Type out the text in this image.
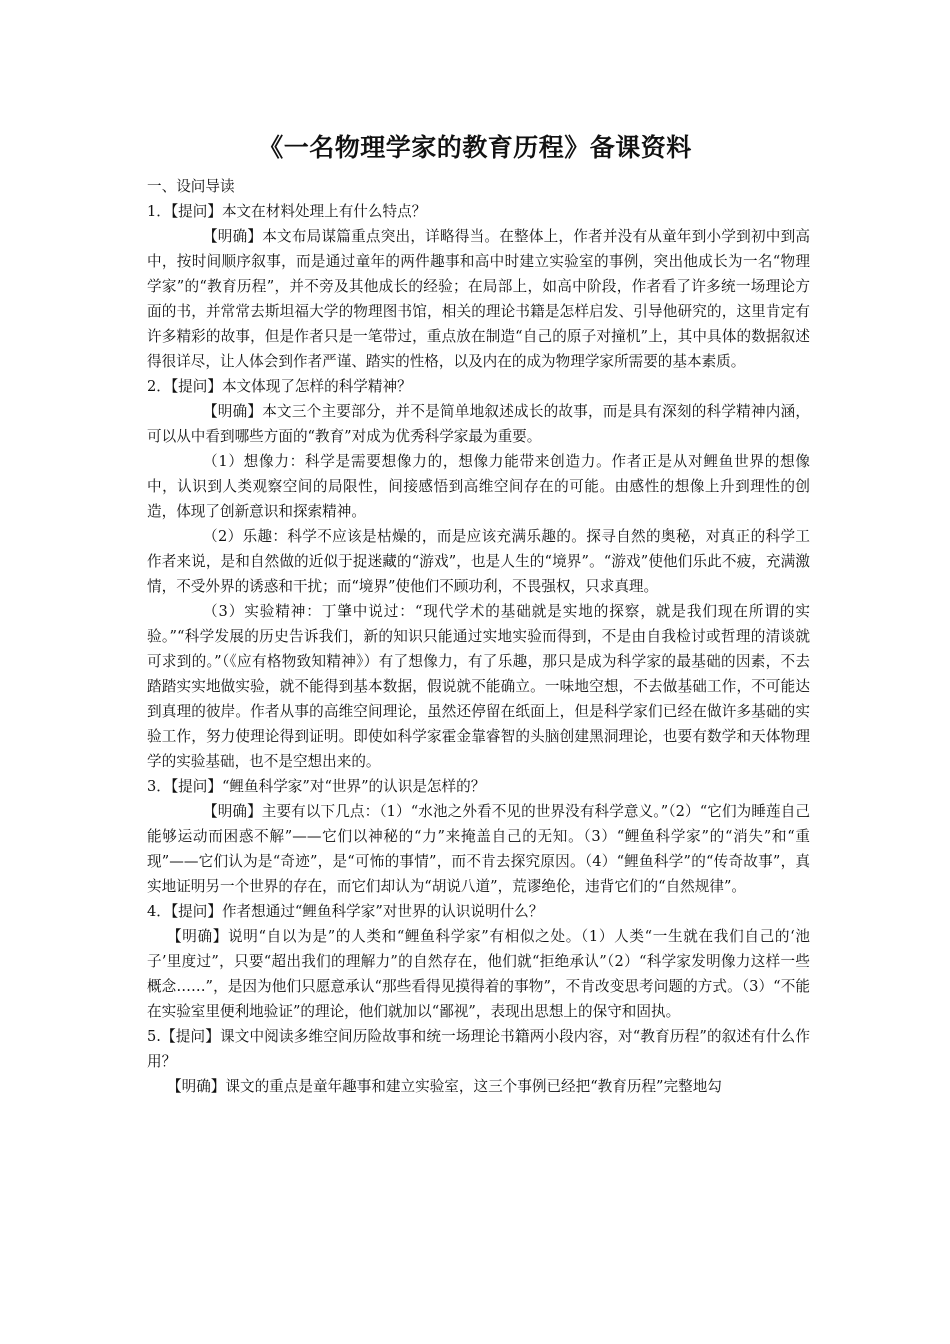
《一名物理学家的教育历程》备课资料

一、设问导读

1．【提问】本文在材料处理上有什么特点？

【明确】本文布局谋篇重点突出，详略得当。在整体上，作者并没有从童年到小学到初中到高中，按时间顺序叙事，而是通过童年的两件趣事和高中时建立实验室的事例，突出他成长为一名“物理学家”的“教育历程”，并不旁及其他成长的经验；在局部上，如高中阶段，作者看了许多统一场理论方面的书，并常常去斯坦福大学的物理图书馆，相关的理论书籍是怎样启发、引导他研究的，这里肯定有许多精彩的故事，但是作者只是一笔带过，重点放在制造“自己的原子对撞机”上，其中具体的数据叙述得很详尽，让人体会到作者严谨、踏实的性格，以及内在的成为物理学家所需要的基本素质。

2．【提问】本文体现了怎样的科学精神？

【明确】本文三个主要部分，并不是简单地叙述成长的故事，而是具有深刻的科学精神内涵，可以从中看到哪些方面的“教育”对成为优秀科学家最为重要。

（1）想像力：科学是需要想像力的，想像力能带来创造力。作者正是从对鲤鱼世界的想像中，认识到人类观察空间的局限性，间接感悟到高维空间存在的可能。由感性的想像上升到理性的创造，体现了创新意识和探索精神。

（2）乐趣：科学不应该是枯燥的，而是应该充满乐趣的。探寻自然的奥秘，对真正的科学工作者来说，是和自然做的近似于捉迷藏的“游戏”，也是人生的“境界”。“游戏”使他们乐此不疲，充满激情，不受外界的诱惑和干扰；而“境界”使他们不顾功利，不畏强权，只求真理。

（3）实验精神：丁肇中说过：“现代学术的基础就是实地的探察，就是我们现在所谓的实验。”“科学发展的历史告诉我们，新的知识只能通过实地实验而得到，不是由自我检讨或哲理的清谈就可求到的。”（《应有格物致知精神》）有了想像力，有了乐趣，那只是成为科学家的最基础的因素，不去踏踏实实地做实验，就不能得到基本数据，假说就不能确立。一味地空想，不去做基础工作，不可能达到真理的彼岸。作者从事的高维空间理论，虽然还停留在纸面上，但是科学家们已经在做许多基础的实验工作，努力使理论得到证明。即使如科学家霍金靠睿智的头脑创建黑洞理论，也要有数学和天体物理学的实验基础，也不是空想出来的。

3．【提问】“鲤鱼科学家”对“世界”的认识是怎样的？

【明确】主要有以下几点：（1）“水池之外看不见的世界没有科学意义。”（2）“它们为睡莲自己能够运动而困惑不解”——它们以神秘的“力”来掩盖自己的无知。（3）“鲤鱼科学家”的“消失”和“重现”——它们认为是“奇迹”，是“可怖的事情”，而不肯去探究原因。（4）“鲤鱼科学”的“传奇故事”，真实地证明另一个世界的存在，而它们却认为“胡说八道”，荒谬绝伦，违背它们的“自然规律”。

4．【提问】作者想通过“鲤鱼科学家”对世界的认识说明什么？

【明确】说明“自以为是”的人类和“鲤鱼科学家”有相似之处。（1）人类“一生就在我们自己的‘池子’里度过”，只要“超出我们的理解力”的自然存在，他们就“拒绝承认”（2）“科学家发明像力这样一些概念……”，是因为他们只愿意承认“那些看得见摸得着的事物”，不肯改变思考问题的方式。（3）“不能在实验室里便利地验证”的理论，他们就加以“鄙视”，表现出思想上的保守和固执。

5.【提问】课文中阅读多维空间历险故事和统一场理论书籍两小段内容，对“教育历程”的叙述有什么作用？

【明确】课文的重点是童年趣事和建立实验室，这三个事例已经把“教育历程”完整地勾
